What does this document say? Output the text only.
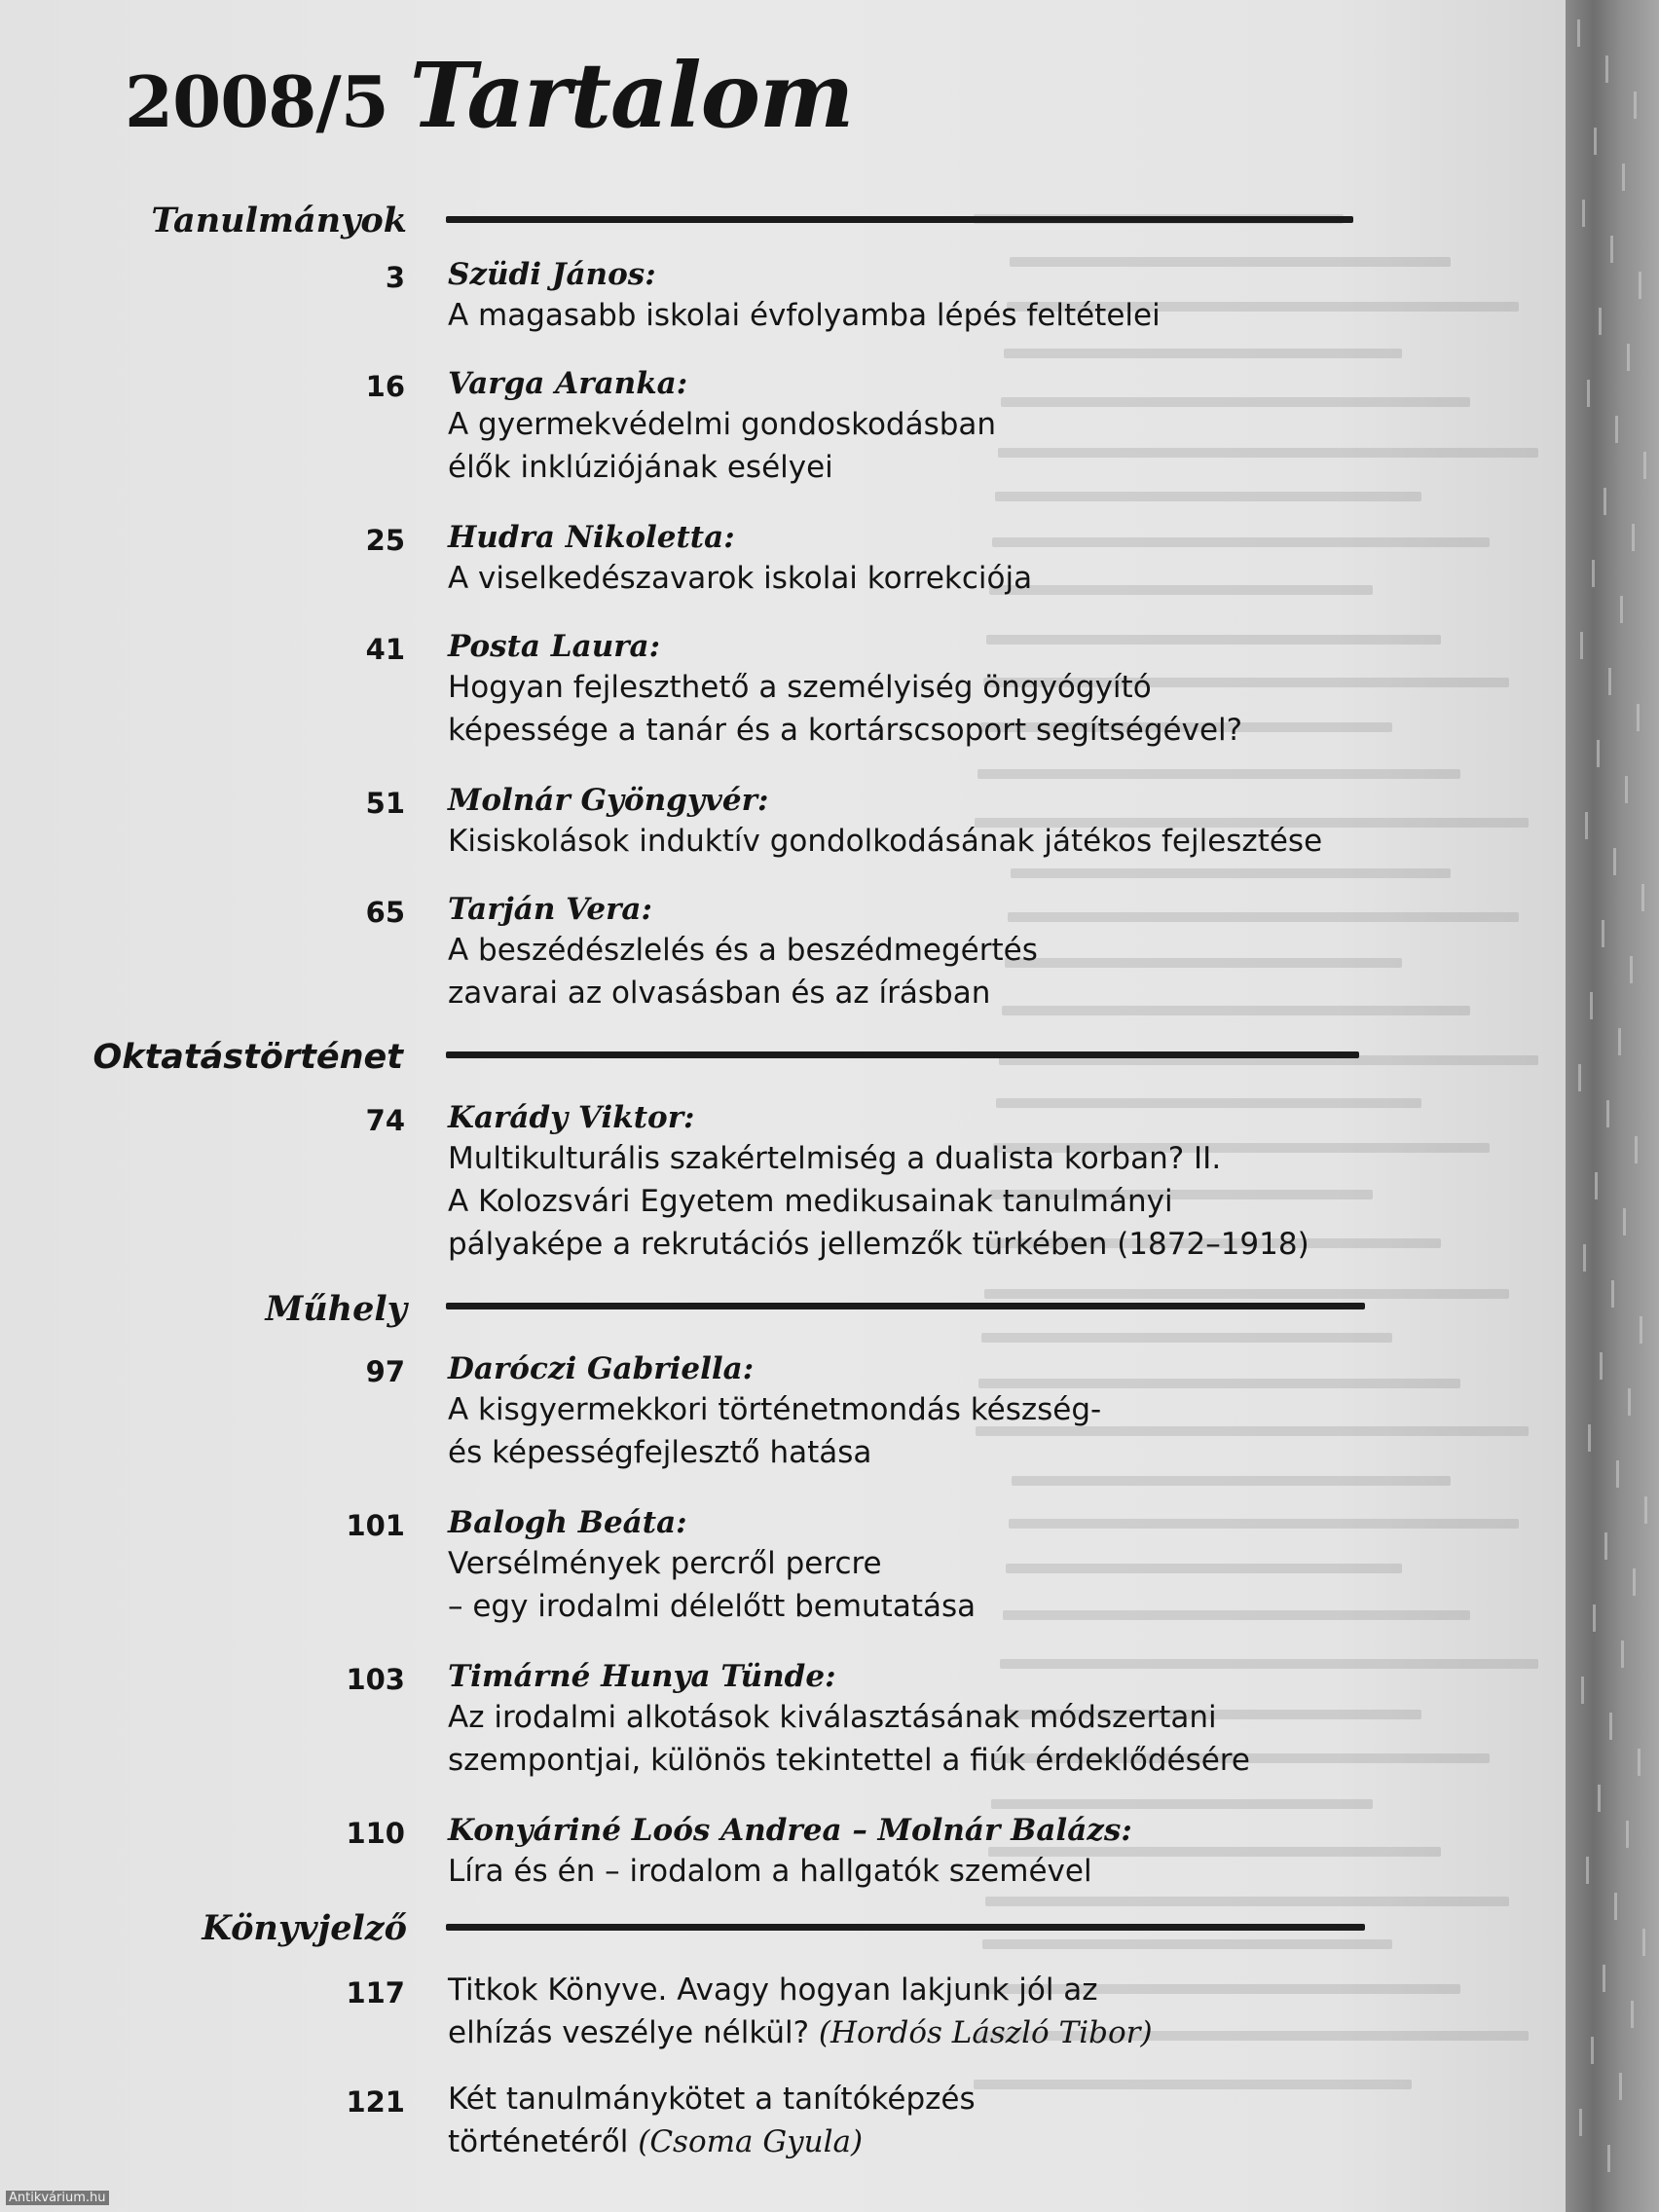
2008/5 Tartalom
Tanulmányok
Oktatástörténet
Műhely
Könyvjelző
3 Szüdi János:
A magasabb iskolai évfolyamba lépés feltételei
16 Varga Aranka:
A gyermekvédelmi gondoskodásban
élők inklúziójának esélyei
25 Hudra Nikoletta:
A viselkedészavarok iskolai korrekciója
41 Posta Laura:
Hogyan fejleszthető a személyiség öngyógyító
képessége a tanár és a kortárscsoport segítségével?
51 Molnár Gyöngyvér:
Kisiskolások induktív gondolkodásának játékos fejlesztése
65 Tarján Vera:
A beszédészlelés és a beszédmegértés
zavarai az olvasásban és az írásban
74 Karády Viktor:
Multikulturális szakértelmiség a dualista korban? II.
A Kolozsvári Egyetem medikusainak tanulmányi
pályaképe a rekrutációs jellemzők türkében (1872–1918)
97 Daróczi Gabriella:
A kisgyermekkori történetmondás készség-
és képességfejlesztő hatása
101 Balogh Beáta:
Versélmények percről percre
– egy irodalmi délelőtt bemutatása
103 Timárné Hunya Tünde:
Az irodalmi alkotások kiválasztásának módszertani
szempontjai, különös tekintettel a fiúk érdeklődésére
110 Konyáriné Loós Andrea – Molnár Balázs:
Líra és én – irodalom a hallgatók szemével
117 Titkok Könyve. Avagy hogyan lakjunk jól az
elhízás veszélye nélkül? (Hordós László Tibor)
121 Két tanulmánykötet a tanítóképzés
történetéről (Csoma Gyula)
Antikvárium.hu
